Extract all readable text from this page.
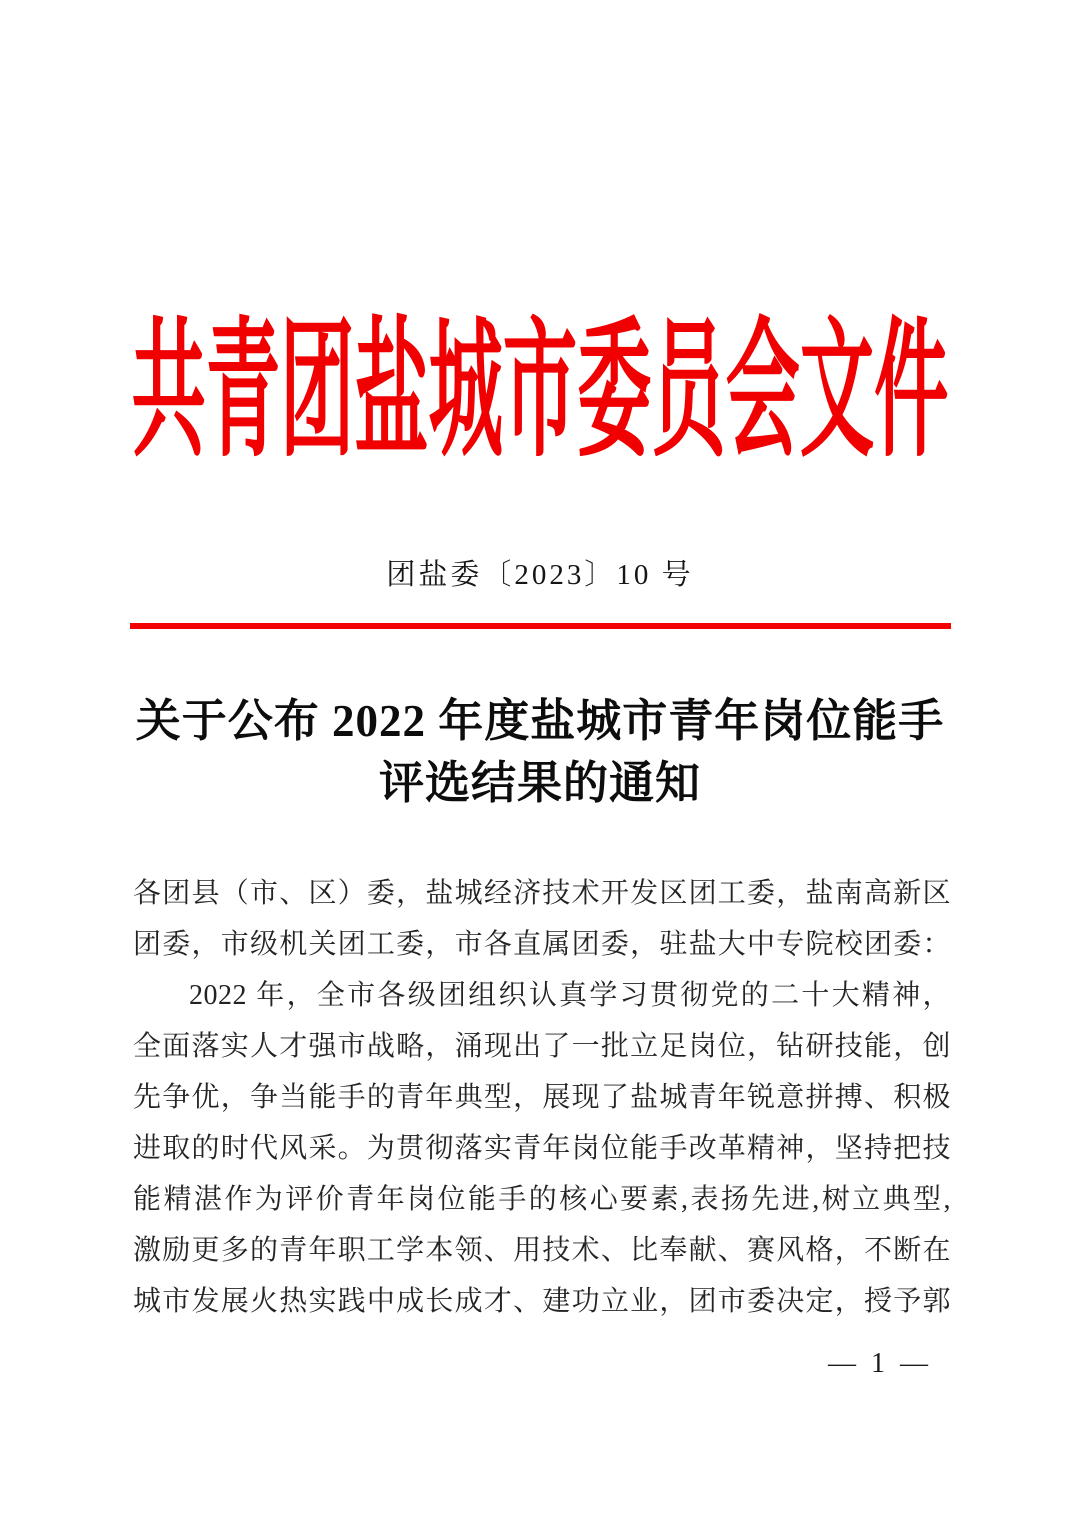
共青团盐城市委员会文件
团盐委〔2023〕10 号
关于公布 2022 年度盐城市青年岗位能手
评选结果的通知
各团县（市、区）委，盐城经济技术开发区团工委，盐南高新区
团委，市级机关团工委，市各直属团委，驻盐大中专院校团委：
2022 年，全市各级团组织认真学习贯彻党的二十大精神，
全面落实人才强市战略，涌现出了一批立足岗位，钻研技能，创
先争优，争当能手的青年典型，展现了盐城青年锐意拼搏、积极
进取的时代风采。为贯彻落实青年岗位能手改革精神，坚持把技
能精湛作为评价青年岗位能手的核心要素,表扬先进,树立典型,
激励更多的青年职工学本领、用技术、比奉献、赛风格，不断在
城市发展火热实践中成长成才、建功立业，团市委决定，授予郭
— 1 —
